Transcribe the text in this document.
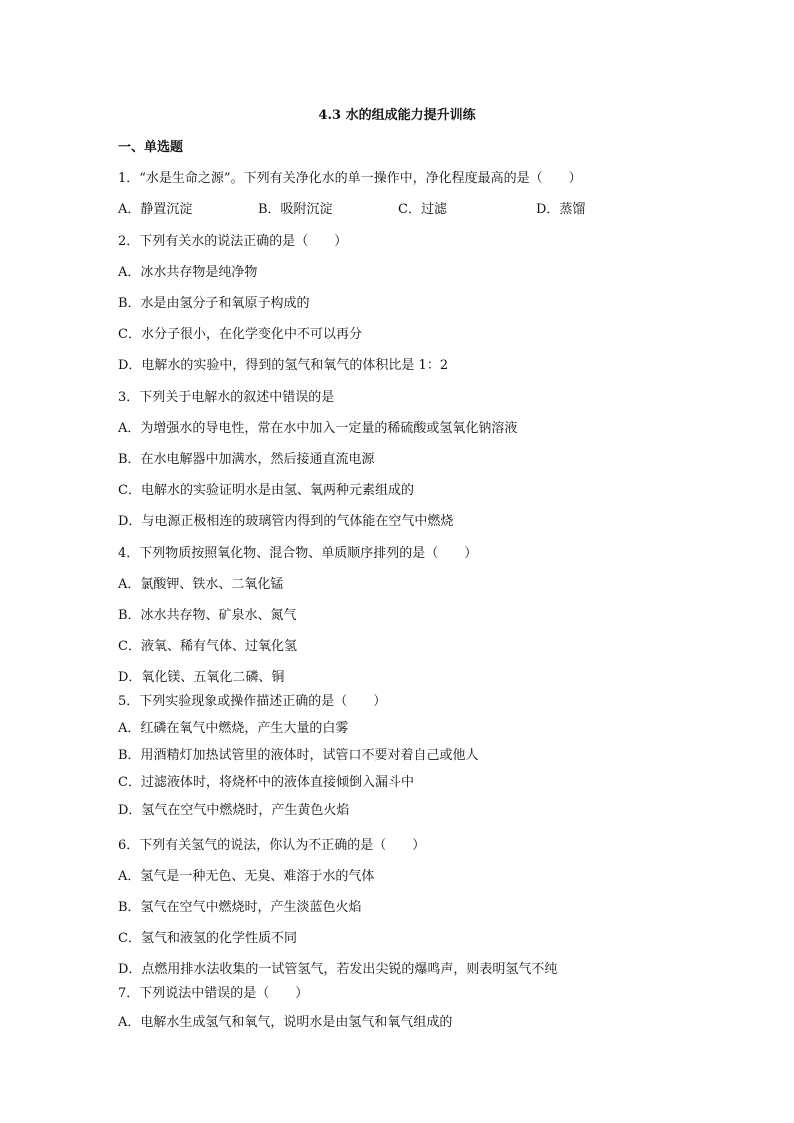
4.3 水的组成能力提升训练
一、单选题
1．“水是生命之源”。下列有关净化水的单一操作中，净化程度最高的是（　　）
A．静置沉淀	B．吸附沉淀	C．过滤	D．蒸馏
2．下列有关水的说法正确的是（　　）
A．冰水共存物是纯净物
B．水是由氢分子和氧原子构成的
C．水分子很小，在化学变化中不可以再分
D．电解水的实验中，得到的氢气和氧气的体积比是 1：2
3．下列关于电解水的叙述中错误的是
A．为增强水的导电性，常在水中加入一定量的稀硫酸或氢氧化钠溶液
B．在水电解器中加满水，然后接通直流电源
C．电解水的实验证明水是由氢、氧两种元素组成的
D．与电源正极相连的玻璃管内得到的气体能在空气中燃烧
4．下列物质按照氧化物、混合物、单质顺序排列的是（　　）
A．氯酸钾、铁水、二氧化锰
B．冰水共存物、矿泉水、氮气
C．液氧、稀有气体、过氧化氢
D．氧化镁、五氧化二磷、铜
5．下列实验现象或操作描述正确的是（　　）
A．红磷在氧气中燃烧，产生大量的白雾
B．用酒精灯加热试管里的液体时，试管口不要对着自己或他人
C．过滤液体时，将烧杯中的液体直接倾倒入漏斗中
D．氢气在空气中燃烧时，产生黄色火焰
6．下列有关氢气的说法，你认为不正确的是（　　）
A．氢气是一种无色、无臭、难溶于水的气体
B．氢气在空气中燃烧时，产生淡蓝色火焰
C．氢气和液氢的化学性质不同
D．点燃用排水法收集的一试管氢气，若发出尖锐的爆鸣声，则表明氢气不纯
7．下列说法中错误的是（　　）
A．电解水生成氢气和氧气，说明水是由氢气和氧气组成的
